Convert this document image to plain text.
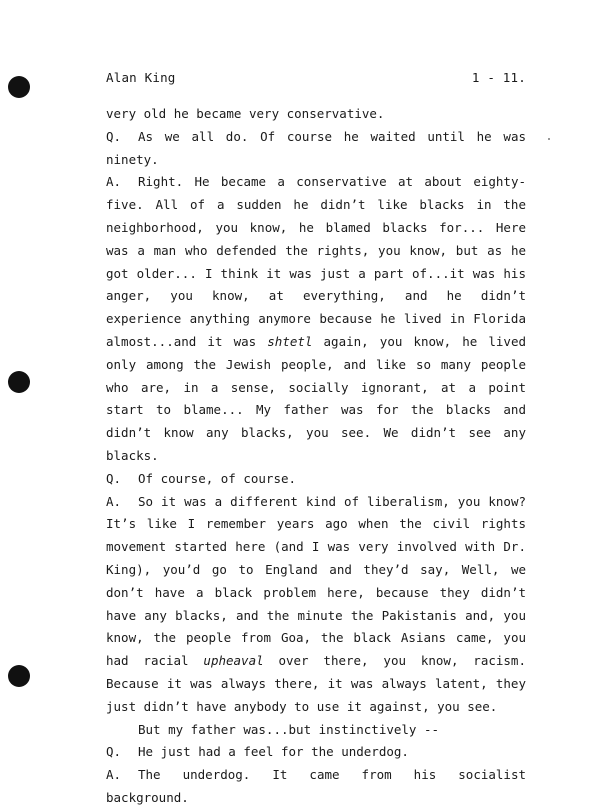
Alan King	1 - 11.

very old he became very conservative.

Q. As we all do. Of course he waited until he was ninety.

A. Right. He became a conservative at about eighty-five. All of a sudden he didn’t like blacks in the neighborhood, you know, he blamed blacks for... Here was a man who defended the rights, you know, but as he got older... I think it was just a part of...it was his anger, you know, at everything, and he didn’t experience anything anymore because he lived in Florida almost...and it was shtetl again, you know, he lived only among the Jewish people, and like so many people who are, in a sense, socially ignorant, at a point start to blame... My father was for the blacks and didn’t know any blacks, you see. We didn’t see any blacks.

Q. Of course, of course.

A. So it was a different kind of liberalism, you know? It’s like I remember years ago when the civil rights movement started here (and I was very involved with Dr. King), you’d go to England and they’d say, Well, we don’t have a black problem here, because they didn’t have any blacks, and the minute the Pakistanis and, you know, the people from Goa, the black Asians came, you had racial upheaval over there, you know, racism. Because it was always there, it was always latent, they just didn’t have anybody to use it against, you see.

But my father was...but instinctively --

Q. He just had a feel for the underdog.

A. The underdog. It came from his socialist background.
